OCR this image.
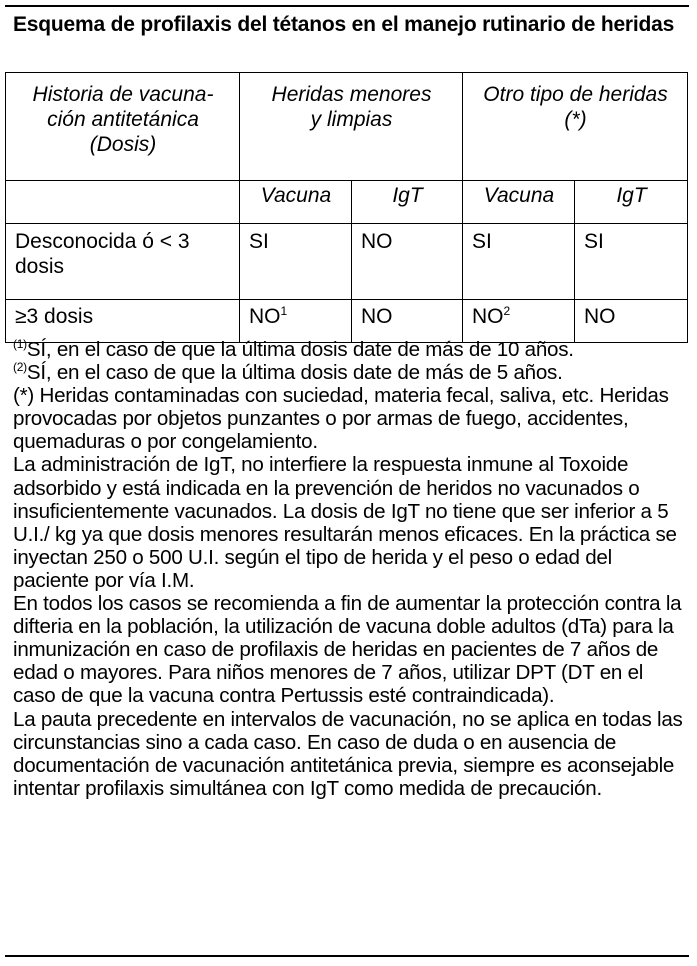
Esquema de profilaxis del tétanos en el manejo rutinario de heridas
Historia de vacuna-
ción antitetánica
(Dosis)	Heridas menores
y limpias		Otro tipo de heridas
(*)	

	Vacuna	IgT	Vacuna	IgT

Desconocida ó < 3
dosis	SI	NO	SI	SI

≥3 dosis	$NO^1$	NO	$NO^2$	NO

$^{(1)}$SÍ, en el caso de que la última dosis date de más de 10 años.

$^{(2)}$SÍ, en el caso de que la última dosis date de más de 5 años.

(*) Heridas contaminadas con suciedad, materia fecal, saliva, etc. Heridas provocadas por objetos punzantes o por armas de fuego, accidentes, quemaduras o por congelamiento.

La administración de IgT, no interfiere la respuesta inmune al Toxoide adsorbido y está indicada en la prevención de heridos no vacunados o insuficientemente vacunados. La dosis de IgT no tiene que ser inferior a 5 U.I./ kg ya que dosis menores resultarán menos eficaces. En la práctica se inyectan 250 o 500 U.I. según el tipo de herida y el peso o edad del paciente por vía I.M.

En todos los casos se recomienda a fin de aumentar la protección contra la difteria en la población, la utilización de vacuna doble adultos (dTa) para la inmunización en caso de profilaxis de heridas en pacientes de 7 años de edad o mayores. Para niños menores de 7 años, utilizar DPT (DT en el caso de que la vacuna contra Pertussis esté contraindicada).

La pauta precedente en intervalos de vacunación, no se aplica en todas las circunstancias sino a cada caso. En caso de duda o en ausencia de documentación de vacunación antitetánica previa, siempre es aconsejable intentar profilaxis simultánea con IgT como medida de precaución.
